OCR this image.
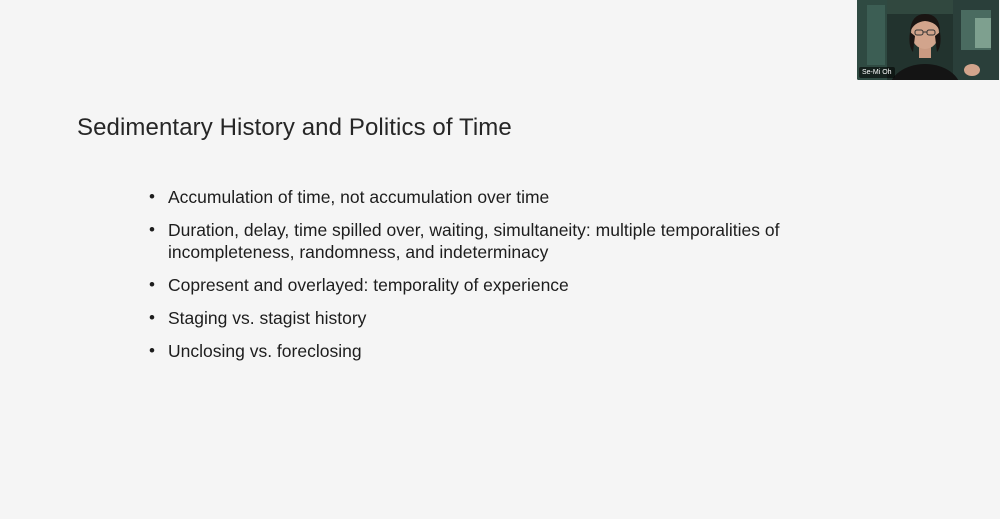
Sedimentary History and Politics of Time
• Accumulation of time, not accumulation over time
• Duration, delay, time spilled over, waiting, simultaneity: multiple temporalities of incompleteness, randomness, and indeterminacy
• Copresent and overlayed: temporality of experience
• Staging vs. stagist history
• Unclosing vs. foreclosing
Se-Mi Oh
